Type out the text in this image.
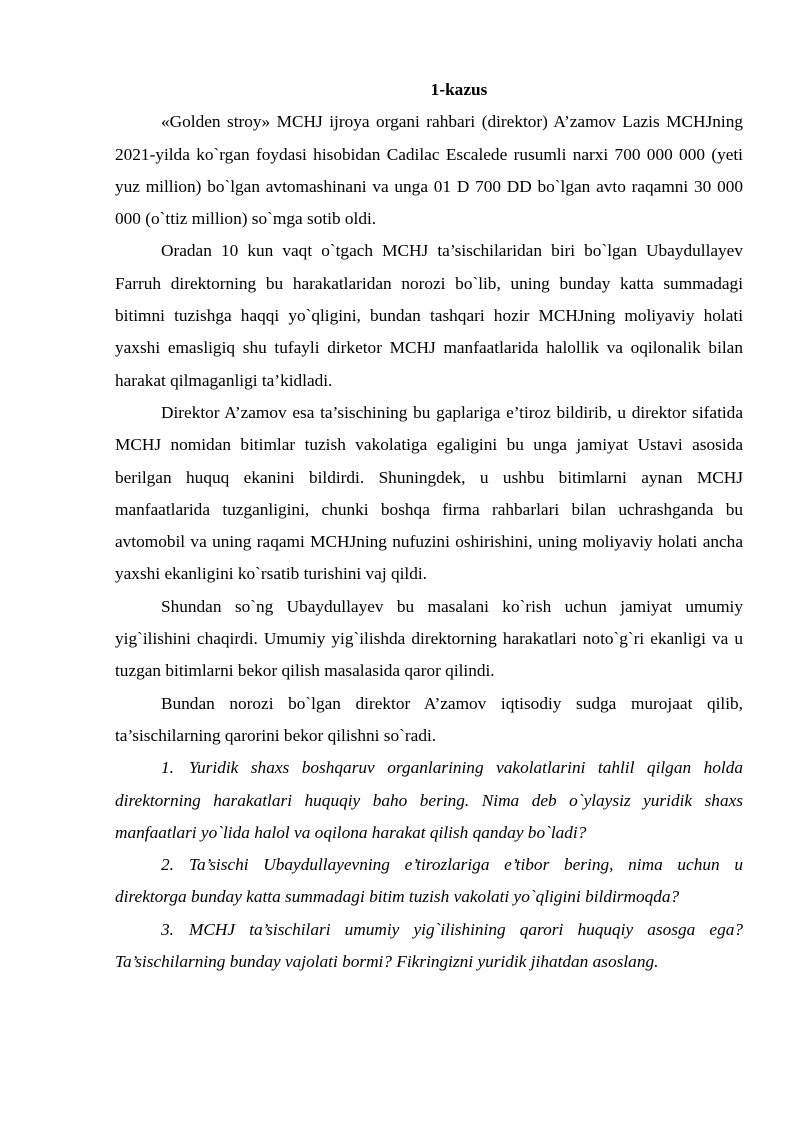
1-kazus

«Golden stroy» MCHJ ijroya organi rahbari (direktor) A’zamov Lazis MCHJning 2021-yilda ko`rgan foydasi hisobidan Cadilac Escalede rusumli narxi 700 000 000 (yeti yuz million) bo`lgan avtomashinani va unga 01 D 700 DD bo`lgan avto raqamni 30 000 000 (o`ttiz million) so`mga sotib oldi.

Oradan 10 kun vaqt o`tgach MCHJ ta’sischilaridan biri bo`lgan Ubaydullayev Farruh direktorning bu harakatlaridan norozi bo`lib, uning bunday katta summadagi bitimni tuzishga haqqi yo`qligini, bundan tashqari hozir MCHJning moliyaviy holati yaxshi emasligiq shu tufayli dirketor MCHJ manfaatlarida halollik va oqilonalik bilan harakat qilmaganligi ta’kidladi.

Direktor A’zamov esa ta’sischining bu gaplariga e’tiroz bildirib, u direktor sifatida MCHJ nomidan bitimlar tuzish vakolatiga egaligini bu unga jamiyat Ustavi asosida berilgan huquq ekanini bildirdi. Shuningdek, u ushbu bitimlarni aynan MCHJ manfaatlarida tuzganligini, chunki boshqa firma rahbarlari bilan uchrashganda bu avtomobil va uning raqami MCHJning nufuzini oshirishini, uning moliyaviy holati ancha yaxshi ekanligini ko`rsatib turishini vaj qildi.

Shundan so`ng Ubaydullayev bu masalani ko`rish uchun jamiyat umumiy yig`ilishini chaqirdi. Umumiy yig`ilishda direktorning harakatlari noto`g`ri ekanligi va u tuzgan bitimlarni bekor qilish masalasida qaror qilindi.

Bundan norozi bo`lgan direktor A’zamov iqtisodiy sudga murojaat qilib, ta’sischilarning qarorini bekor qilishni so`radi.

1. Yuridik shaxs boshqaruv organlarining vakolatlarini tahlil qilgan holda direktorning harakatlari huquqiy baho bering. Nima deb o`ylaysiz yuridik shaxs manfaatlari yo`lida halol va oqilona harakat qilish qanday bo`ladi?

2. Ta’sischi Ubaydullayevning e’tirozlariga e’tibor bering, nima uchun u direktorga bunday katta summadagi bitim tuzish vakolati yo`qligini bildirmoqda?

3. MCHJ ta’sischilari umumiy yig`ilishining qarori huquqiy asosga ega? Ta’sischilarning bunday vajolati bormi? Fikringizni yuridik jihatdan asoslang.
